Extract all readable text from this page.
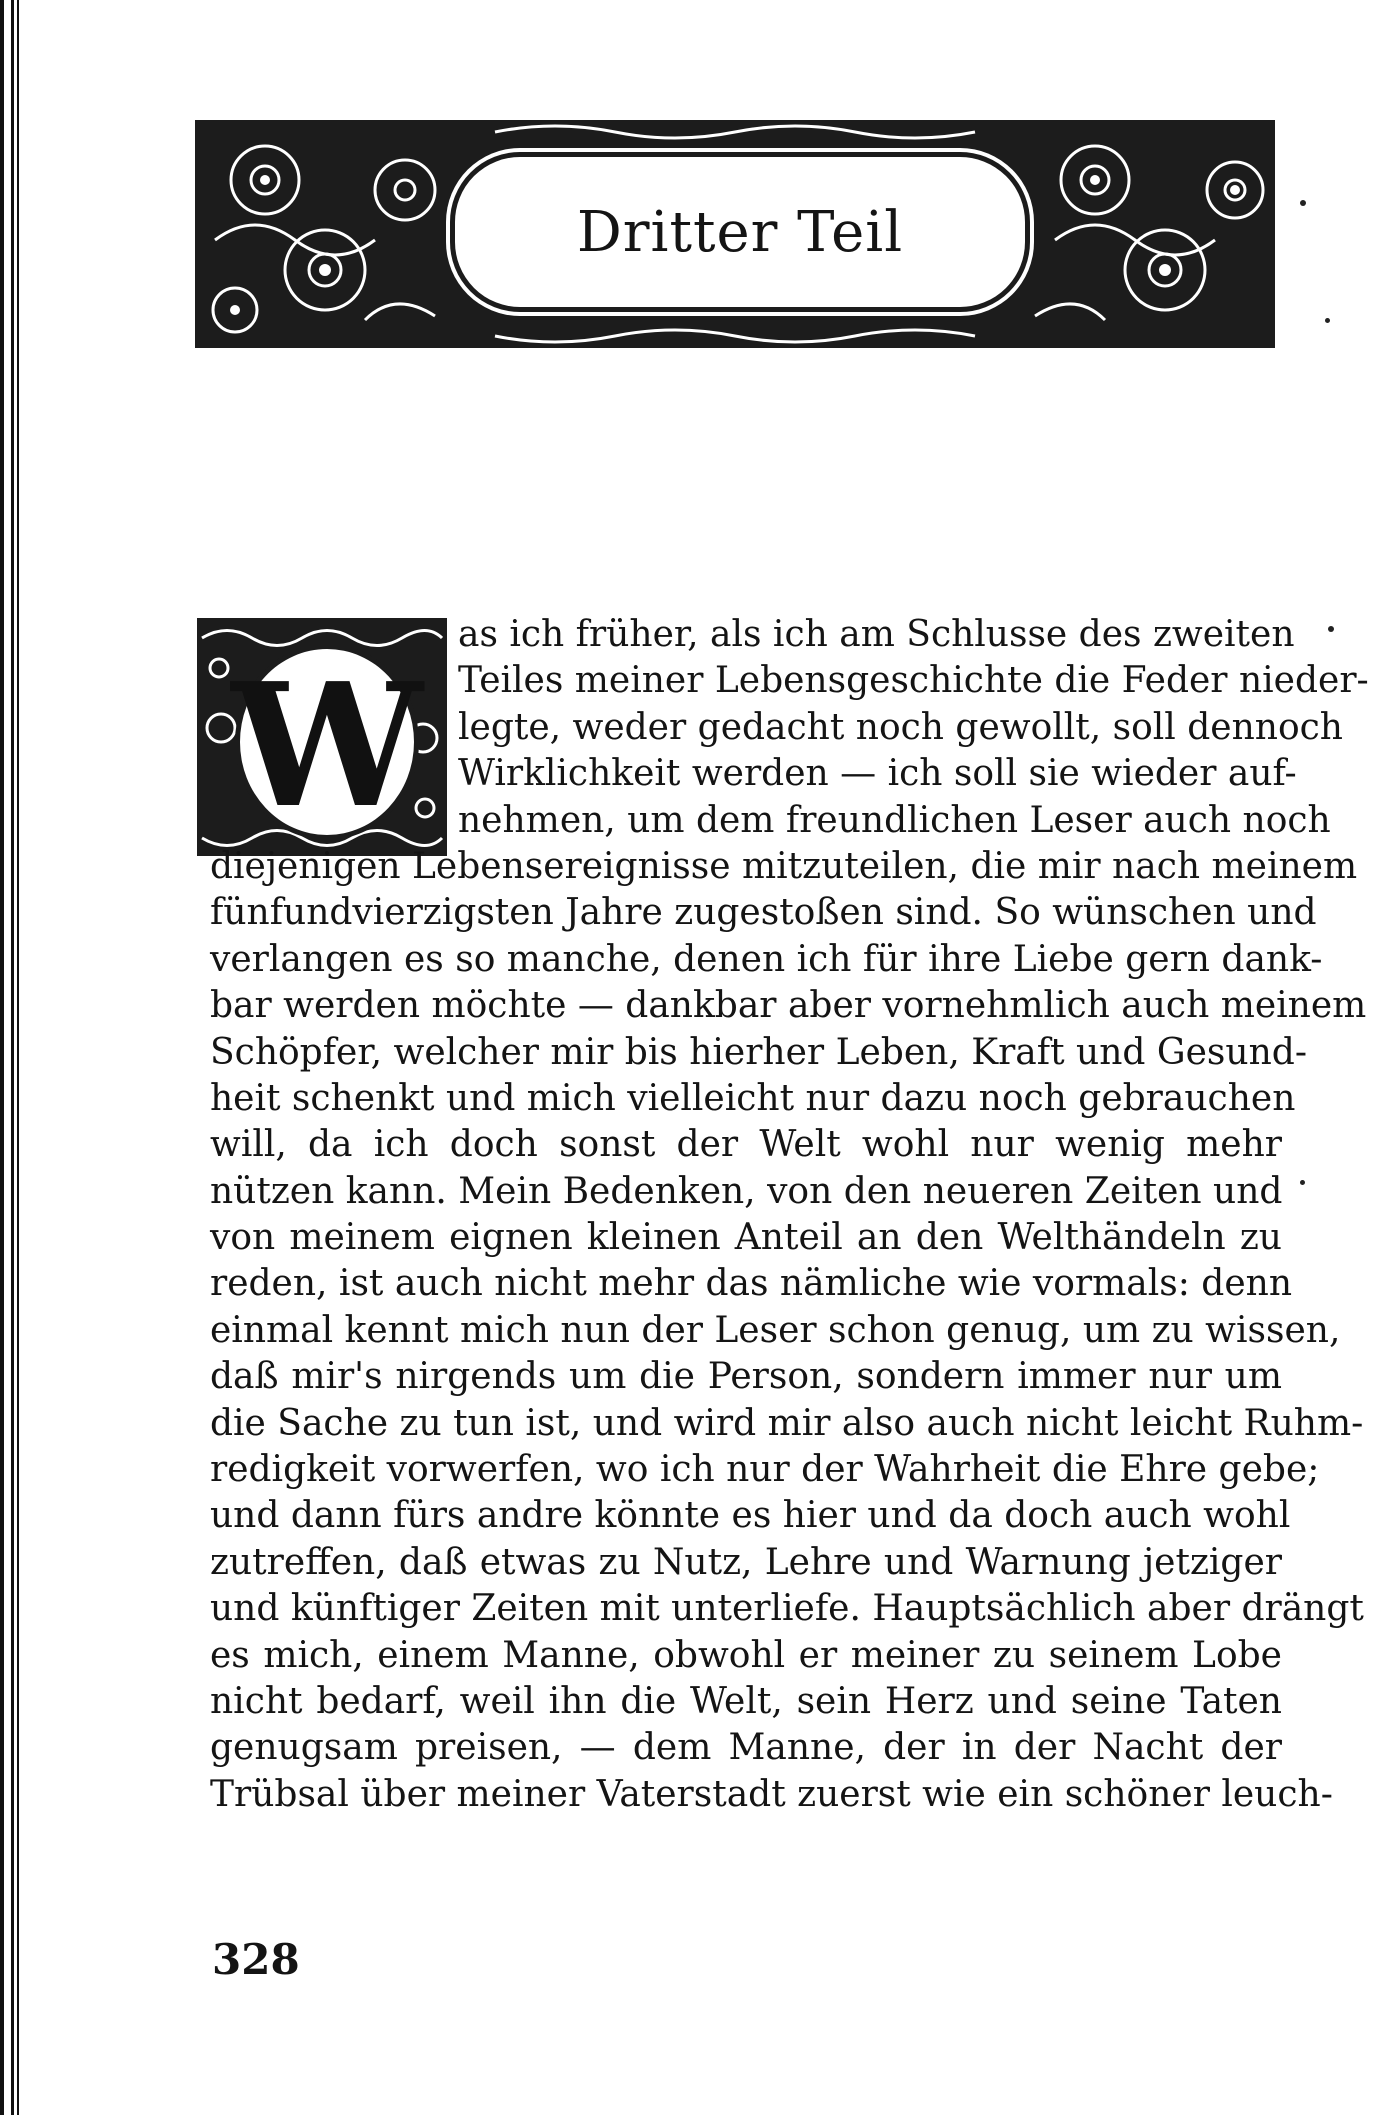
Dritter Teil
W
as ich früher, als ich am Schlusse des zweiten
Teiles meiner Lebensgeschichte die Feder nieder-
legte, weder gedacht noch gewollt, soll dennoch
Wirklichkeit werden — ich soll sie wieder auf-
nehmen, um dem freundlichen Leser auch noch
diejenigen Lebensereignisse mitzuteilen, die mir nach meinem
fünfundvierzigsten Jahre zugestoßen sind. So wünschen und
verlangen es so manche, denen ich für ihre Liebe gern dank-
bar werden möchte — dankbar aber vornehmlich auch meinem
Schöpfer, welcher mir bis hierher Leben, Kraft und Gesund-
heit schenkt und mich vielleicht nur dazu noch gebrauchen
will, da ich doch sonst der Welt wohl nur wenig mehr
nützen kann. Mein Bedenken, von den neueren Zeiten und
von meinem eignen kleinen Anteil an den Welthändeln zu
reden, ist auch nicht mehr das nämliche wie vormals: denn
einmal kennt mich nun der Leser schon genug, um zu wissen,
daß mir's nirgends um die Person, sondern immer nur um
die Sache zu tun ist, und wird mir also auch nicht leicht Ruhm-
redigkeit vorwerfen, wo ich nur der Wahrheit die Ehre gebe;
und dann fürs andre könnte es hier und da doch auch wohl
zutreffen, daß etwas zu Nutz, Lehre und Warnung jetziger
und künftiger Zeiten mit unterliefe. Hauptsächlich aber drängt
es mich, einem Manne, obwohl er meiner zu seinem Lobe
nicht bedarf, weil ihn die Welt, sein Herz und seine Taten
genugsam preisen, — dem Manne, der in der Nacht der
Trübsal über meiner Vaterstadt zuerst wie ein schöner leuch-
328
